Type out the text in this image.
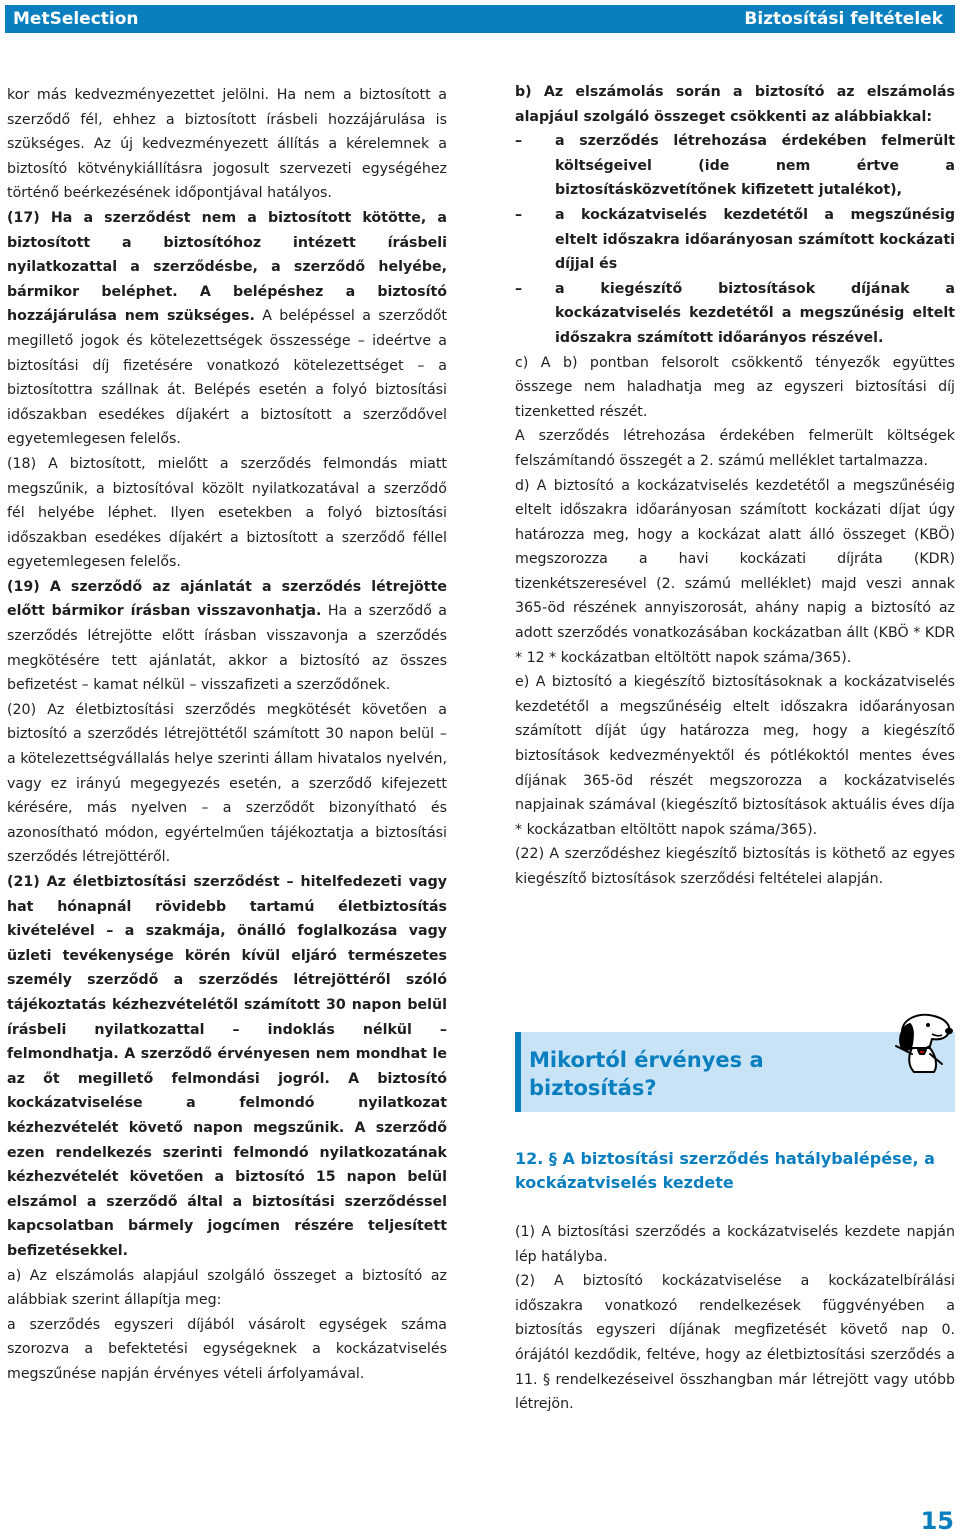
MetSelection	Biztosítási feltételek

kor más kedvezményezettet jelölni. Ha nem a biztosított a szerződő fél, ehhez a biztosított írásbeli hozzájárulása is szükséges. Az új kedvezményezett állítás a kérelemnek a biztosító kötvénykiállításra jogosult szervezeti egységéhez történő beérkezésének időpontjával hatályos.

(17) Ha a szerződést nem a biztosított kötötte, a biztosított a biztosítóhoz intézett írásbeli nyilatkozattal a szerződésbe, a szerződő helyébe, bármikor beléphet. A belépéshez a biztosító hozzájárulása nem szükséges. A belépéssel a szerződőt megillető jogok és kötelezettségek összessége – ideértve a biztosítási díj fizetésére vonatkozó kötelezettséget – a biztosítottra szállnak át. Belépés esetén a folyó biztosítási időszakban esedékes díjakért a biztosított a szerződővel egyetemlegesen felelős.

(18) A biztosított, mielőtt a szerződés felmondás miatt megszűnik, a biztosítóval közölt nyilatkozatával a szerződő fél helyébe léphet. Ilyen esetekben a folyó biztosítási időszakban esedékes díjakért a biztosított a szerződő féllel egyetemlegesen felelős.

(19) A szerződő az ajánlatát a szerződés létrejötte előtt bármikor írásban visszavonhatja. Ha a szerződő a szerződés létrejötte előtt írásban visszavonja a szerződés megkötésére tett ajánlatát, akkor a biztosító az összes befizetést – kamat nélkül – visszafizeti a szerződőnek.

(20) Az életbiztosítási szerződés megkötését követően a biztosító a szerződés létrejöttétől számított 30 napon belül – a kötelezettségvállalás helye szerinti állam hivatalos nyelvén, vagy ez irányú megegyezés esetén, a szerződő kifejezett kérésére, más nyelven – a szerződőt bizonyítható és azonosítható módon, egyértelműen tájékoztatja a biztosítási szerződés létrejöttéről.

(21) Az életbiztosítási szerződést – hitelfedezeti vagy hat hónapnál rövidebb tartamú életbiztosítás kivételével – a szakmája, önálló foglalkozása vagy üzleti tevékenysége körén kívül eljáró természetes személy szerződő a szerződés létrejöttéről szóló tájékoztatás kézhezvételétől számított 30 napon belül írásbeli nyilatkozattal – indoklás nélkül – felmondhatja. A szerződő érvényesen nem mondhat le az őt megillető felmondási jogról. A biztosító kockázatviselése a felmondó nyilatkozat kézhezvételét követő napon megszűnik. A szerződő ezen rendelkezés szerinti felmondó nyilatkozatának kézhezvételét követően a biztosító 15 napon belül elszámol a szerződő által a biztosítási szerződéssel kapcsolatban bármely jogcímen részére teljesített befizetésekkel.

a) Az elszámolás alapjául szolgáló összeget a biztosító az alábbiak szerint állapítja meg:

a szerződés egyszeri díjából vásárolt egységek száma szorozva a befektetési egységeknek a kockázatviselés megszűnése napján érvényes vételi árfolyamával.

b) Az elszámolás során a biztosító az elszámolás alapjául szolgáló összeget csökkenti az alábbiakkal:

–	a szerződés létrehozása érdekében felmerült költségeivel (ide nem értve a biztosításközvetítőnek kifizetett jutalékot),
–	a kockázatviselés kezdetétől a megszűnésig eltelt időszakra időarányosan számított kockázati díjjal és
–	a kiegészítő biztosítások díjának a kockázatviselés kezdetétől a megszűnésig eltelt időszakra számított időarányos részével.

c) A b) pontban felsorolt csökkentő tényezők együttes összege nem haladhatja meg az egyszeri biztosítási díj tizenketted részét.

A szerződés létrehozása érdekében felmerült költségek felszámítandó összegét a 2. számú melléklet tartalmazza.

d) A biztosító a kockázatviselés kezdetétől a megszűnéséig eltelt időszakra időarányosan számított kockázati díjat úgy határozza meg, hogy a kockázat alatt álló összeget (KBÖ) megszorozza a havi kockázati díjráta (KDR) tizenkétszeresével (2. számú melléklet) majd veszi annak 365-öd részének annyiszorosát, ahány napig a biztosító az adott szerződés vonatkozásában kockázatban állt (KBÖ * KDR * 12 * kockázatban eltöltött napok száma/365).

e) A biztosító a kiegészítő biztosításoknak a kockázatviselés kezdetétől a megszűnéséig eltelt időszakra időarányosan számított díját úgy határozza meg, hogy a kiegészítő biztosítások kedvezményektől és pótlékoktól mentes éves díjának 365-öd részét megszorozza a kockázatviselés napjainak számával (kiegészítő biztosítások aktuális éves díja * kockázatban eltöltött napok száma/365).

(22) A szerződéshez kiegészítő biztosítás is köthető az egyes kiegészítő biztosítások szerződési feltételei alapján.

Mikortól érvényes a biztosítás?
12. § A biztosítási szerződés hatálybalépése, a kockázatviselés kezdete

(1) A biztosítási szerződés a kockázatviselés kezdete napján lép hatályba.

(2) A biztosító kockázatviselése a kockázatelbírálási időszakra vonatkozó rendelkezések függvényében a biztosítás egyszeri díjának megfizetését követő nap 0. órájától kezdődik, feltéve, hogy az életbiztosítási szerződés a 11. § rendelkezéseivel összhangban már létrejött vagy utóbb létrejön.

15
